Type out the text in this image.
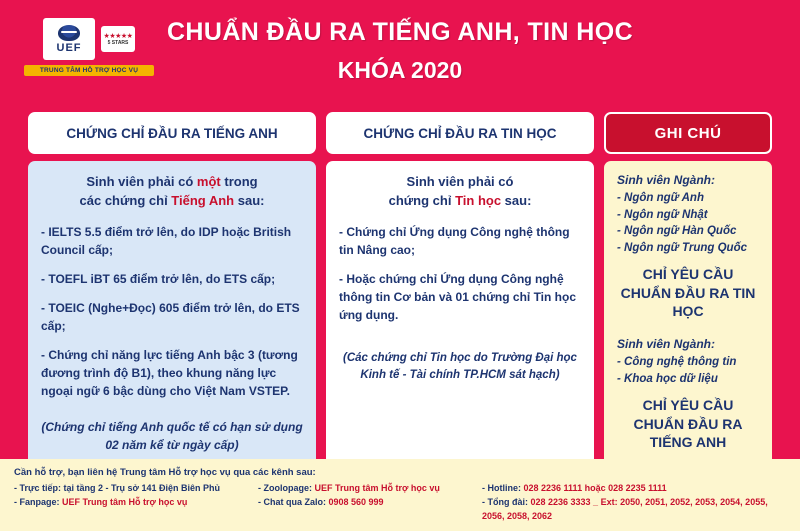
UEF
★★★★★
5 STARS
TRUNG TÂM HỖ TRỢ HỌC VỤ
CHUẨN ĐẦU RA TIẾNG ANH, TIN HỌC
KHÓA 2020
CHỨNG CHỈ ĐẦU RA TIẾNG ANH
Sinh viên phải có một trong
các chứng chỉ Tiếng Anh sau:
- IELTS 5.5 điểm trở lên, do IDP hoặc British Council cấp;
- TOEFL iBT 65 điểm trở lên, do ETS cấp;
- TOEIC (Nghe+Đọc) 605 điểm trở lên, do ETS cấp;
- Chứng chỉ năng lực tiếng Anh bậc 3 (tương đương trình độ B1), theo khung năng lực ngoại ngữ 6 bậc dùng cho Việt Nam VSTEP.
(Chứng chỉ tiếng Anh quốc tế có hạn sử dụng 02 năm kể từ ngày cấp)
CHỨNG CHỈ ĐẦU RA TIN HỌC
Sinh viên phải có
chứng chỉ Tin học sau:
- Chứng chỉ Ứng dụng Công nghệ thông tin Nâng cao;
- Hoặc chứng chỉ Ứng dụng Công nghệ thông tin Cơ bản và 01 chứng chỉ Tin học ứng dụng.
(Các chứng chỉ Tin học do Trường Đại học Kinh tế - Tài chính TP.HCM sát hạch)
GHI CHÚ
Sinh viên Ngành:
- Ngôn ngữ Anh
- Ngôn ngữ Nhật
- Ngôn ngữ Hàn Quốc
- Ngôn ngữ Trung Quốc
CHỈ YÊU CẦU CHUẨN ĐẦU RA TIN HỌC
Sinh viên Ngành:
- Công nghệ thông tin
- Khoa học dữ liệu
CHỈ YÊU CẦU CHUẨN ĐẦU RA TIẾNG ANH
Cần hỗ trợ, bạn liên hệ Trung tâm Hỗ trợ học vụ qua các kênh sau:
- Trực tiếp: tại tầng 2 - Trụ sở 141 Điện Biên Phủ
- Fanpage: UEF Trung tâm Hỗ trợ học vụ
- Zoolopage: UEF Trung tâm Hỗ trợ học vụ
- Chat qua Zalo: 0908 560 999
- Hotline: 028 2236 1111 hoặc 028 2235 1111
- Tổng đài: 028 2236 3333 _ Ext: 2050, 2051, 2052, 2053, 2054, 2055, 2056, 2058, 2062
